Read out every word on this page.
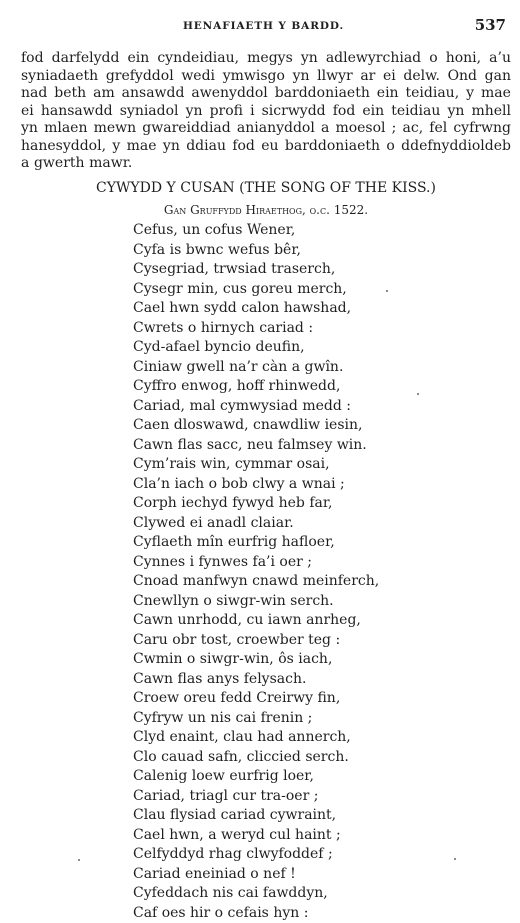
HENAFIAETH Y BARDD.	537
fod darfelydd ein cyndeidiau, megys yn adlewyrchiad o honi, a’u
syniadaeth grefyddol wedi ymwisgo yn llwyr ar ei delw. Ond gan
nad beth am ansawdd awenyddol barddoniaeth ein teidiau, y mae
ei hansawdd syniadol yn profi i sicrwydd fod ein teidiau yn mhell
yn mlaen mewn gwareiddiad anianyddol a moesol ; ac, fel cyfrwng
hanesyddol, y mae yn ddiau fod eu barddoniaeth o ddefnyddioldeb
a gwerth mawr.
CYWYDD Y CUSAN (THE SONG OF THE KISS.)
Gan Gruffydd Hiraethog, o.c. 1522.
Cefus, un cofus Wener,
Cyfa is bwnc wefus bêr,
Cysegriad, trwsiad traserch,
Cysegr min, cus goreu merch,
Cael hwn sydd calon hawshad,
Cwrets o hirnych cariad :
Cyd-afael byncio deufin,
Ciniaw gwell na’r càn a gwîn.
Cyffro enwog, hoff rhinwedd,
Cariad, mal cymwysiad medd :
Caen dloswawd, cnawdliw iesin,
Cawn flas sacc, neu falmsey win.
Cym’rais win, cymmar osai,
Cla’n iach o bob clwy a wnai ;
Corph iechyd fywyd heb far,
Clywed ei anadl claiar.
Cyflaeth mîn eurfrig hafloer,
Cynnes i fynwes fa’i oer ;
Cnoad manfwyn cnawd meinferch,
Cnewllyn o siwgr-win serch.
Cawn unrhodd, cu iawn anrheg,
Caru obr tost, croewber teg :
Cwmin o siwgr-win, ôs iach,
Cawn flas anys felysach.
Croew oreu fedd Creirwy fin,
Cyfryw un nis cai frenin ;
Clyd enaint, clau had annerch,
Clo cauad safn, cliccied serch.
Calenig loew eurfrig loer,
Cariad, triagl cur tra-oer ;
Clau flysiad cariad cywraint,
Cael hwn, a weryd cul haint ;
Celfyddyd rhag clwyfoddef ;
Cariad eneiniad o nef !
Cyfeddach nis cai fawddyn,
Caf oes hir o cefais hyn :
